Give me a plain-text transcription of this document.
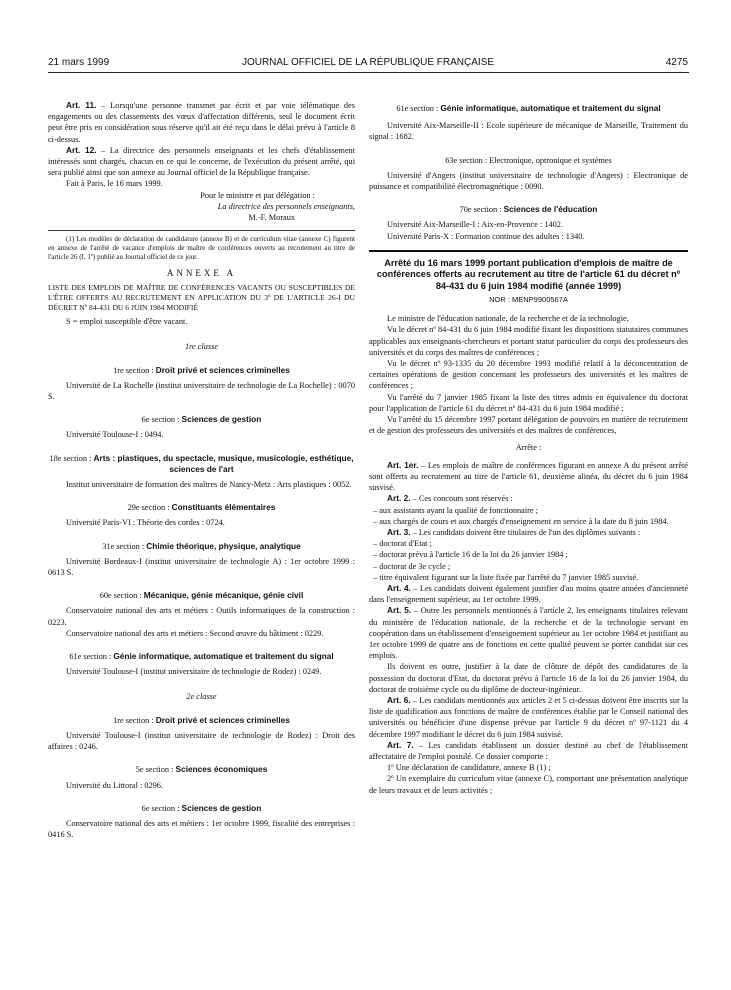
21 mars 1999	JOURNAL OFFICIEL DE LA RÉPUBLIQUE FRANÇAISE	4275

Art. 11. – Lorsqu'une personne transmet par écrit et par voie télématique des engagements ou des classements des vœux d'affectation différents, seul le document écrit peut être pris en considération sous réserve qu'il ait été reçu dans le délai prévu à l'article 8 ci-dessus.

Art. 12. – La directrice des personnels enseignants et les chefs d'établissement intéressés sont chargés, chacun en ce qui le concerne, de l'exécution du présent arrêté, qui sera publié ainsi que son annexe au Journal officiel de la République française.

Fait à Paris, le 16 mars 1999.

Pour le ministre et par délégation :

La directrice des personnels enseignants,

M.-F. Moraux

(1) Les modèles de déclaration de candidature (annexe B) et de curriculum vitae (annexe C) figurent en annexe de l'arrêté de vacance d'emplois de maître de conférences ouverts au recrutement au titre de l'article 26 (I, 1º) publié au Journal officiel de ce jour.

ANNEXE A

LISTE DES EMPLOIS DE MAÎTRE DE CONFÉRENCES VACANTS OU SUSCEPTIBLES DE L'ÊTRE OFFERTS AU RECRUTEMENT EN APPLICATION DU 3º DE L'ARTICLE 26-I DU DÉCRET Nº 84-431 DU 6 JUIN 1984 MODIFIÉ

S = emploi susceptible d'être vacant.

1re classe

1re section : Droit privé et sciences criminelles

Université de La Rochelle (institut universitaire de technologie de La Rochelle) : 0070 S.

6e section : Sciences de gestion

Université Toulouse-I : 0494.

18e section : Arts : plastiques, du spectacle, musique, musicologie, esthétique, sciences de l'art

Institut universitaire de formation des maîtres de Nancy-Metz : Arts plastiques : 0052.

29e section : Constituants élémentaires

Université Paris-VI : Théorie des cordes : 0724.

31e section : Chimie théorique, physique, analytique

Université Bordeaux-I (institut universitaire de technologie A) : 1er octobre 1999 : 0613 S.

60e section : Mécanique, génie mécanique, génie civil

Conservatoire national des arts et métiers : Outils informatiques de la construction : 0223.

Conservatoire national des arts et métiers : Second œuvre du bâtiment : 0229.

61e section : Génie informatique, automatique et traitement du signal

Université Toulouse-I (institut universitaire de technologie de Rodez) : 0249.

2e classe

1re section : Droit privé et sciences criminelles

Université Toulouse-I (institut universitaire de technologie de Rodez) : Droit des affaires : 0246.

5e section : Sciences économiques

Université du Littoral : 0296.

6e section : Sciences de gestion

Conservatoire national des arts et métiers : 1er octobre 1999, fiscalité des entreprises : 0416 S.

61e section : Génie informatique, automatique et traitement du signal

Université Aix-Marseille-II : Ecole supérieure de mécanique de Marseille, Traitement du signal : 1682.

63e section : Electronique, optronique et systèmes

Université d'Angers (institut universitaire de technologie d'Angers) : Electronique de puissance et compatibilité électromagnétique : 0090.

70e section : Sciences de l'éducation

Université Aix-Marseille-I : Aix-en-Provence : 1402.

Université Paris-X : Formation continue des adultes : 1340.

Arrêté du 16 mars 1999 portant publication d'emplois de maître de conférences offerts au recrutement au titre de l'article 61 du décret nº 84-431 du 6 juin 1984 modifié (année 1999)

NOR : MENP9900567A

Le ministre de l'éducation nationale, de la recherche et de la technologie,

Vu le décret nº 84-431 du 6 juin 1984 modifié fixant les dispositions statutaires communes applicables aux enseignants-chercheurs et portant statut particulier du corps des professeurs des universités et du corps des maîtres de conférences ;

Vu le décret nº 93-1335 du 20 décembre 1993 modifié relatif à la déconcentration de certaines opérations de gestion concernant les professeurs des universités et les maîtres de conférences ;

Vu l'arrêté du 7 janvier 1985 fixant la liste des titres admis en équivalence du doctorat pour l'application de l'article 61 du décret nº 84-431 du 6 juin 1984 modifié ;

Vu l'arrêté du 15 décembre 1997 portant délégation de pouvoirs en matière de recrutement et de gestion des professeurs des universités et des maîtres de conférences,

Arrête :

Art. 1er. – Les emplois de maître de conférences figurant en annexe A du présent arrêté sont offerts au recrutement au titre de l'article 61, deuxième alinéa, du décret du 6 juin 1984 susvisé.

Art. 2. – Ces concours sont réservés :

– aux assistants ayant la qualité de fonctionnaire ;

– aux chargés de cours et aux chargés d'enseignement en service à la date du 8 juin 1984.

Art. 3. – Les candidats doivent être titulaires de l'un des diplômes suivants :

– doctorat d'Etat ;

– doctorat prévu à l'article 16 de la loi du 26 janvier 1984 ;

– doctorat de 3e cycle ;

– titre équivalent figurant sur la liste fixée par l'arrêté du 7 janvier 1985 susvisé.

Art. 4. – Les candidats doivent également justifier d'au moins quatre années d'ancienneté dans l'enseignement supérieur, au 1er octobre 1999.

Art. 5. – Outre les personnels mentionnés à l'article 2, les enseignants titulaires relevant du ministère de l'éducation nationale, de la recherche et de la technologie servant en coopération dans un établissement d'enseignement supérieur au 1er octobre 1984 et justifiant au 1er octobre 1999 de quatre ans de fonctions en cette qualité peuvent se porter candidat sur ces emplois.

Ils doivent en outre, justifier à la date de clôture de dépôt des candidatures de la possession du doctorat d'Etat, du doctorat prévu à l'article 16 de la loi du 26 janvier 1984, du doctorat de troisième cycle ou du diplôme de docteur-ingénieur.

Art. 6. – Les candidats mentionnés aux articles 2 et 5 ci-dessus doivent être inscrits sur la liste de qualification aux fonctions de maître de conférences établie par le Conseil national des universités ou bénéficier d'une dispense prévue par l'article 9 du décret nº 97-1121 du 4 décembre 1997 modifiant le décret du 6 juin 1984 susvisé.

Art. 7. – Les candidats établissent un dossier destiné au chef de l'établissement affectataire de l'emploi postulé. Ce dossier comporte :

1º Une déclaration de candidature, annexe B (1) ;

2º Un exemplaire du curriculum vitae (annexe C), comportant une présentation analytique de leurs travaux et de leurs activités ;
